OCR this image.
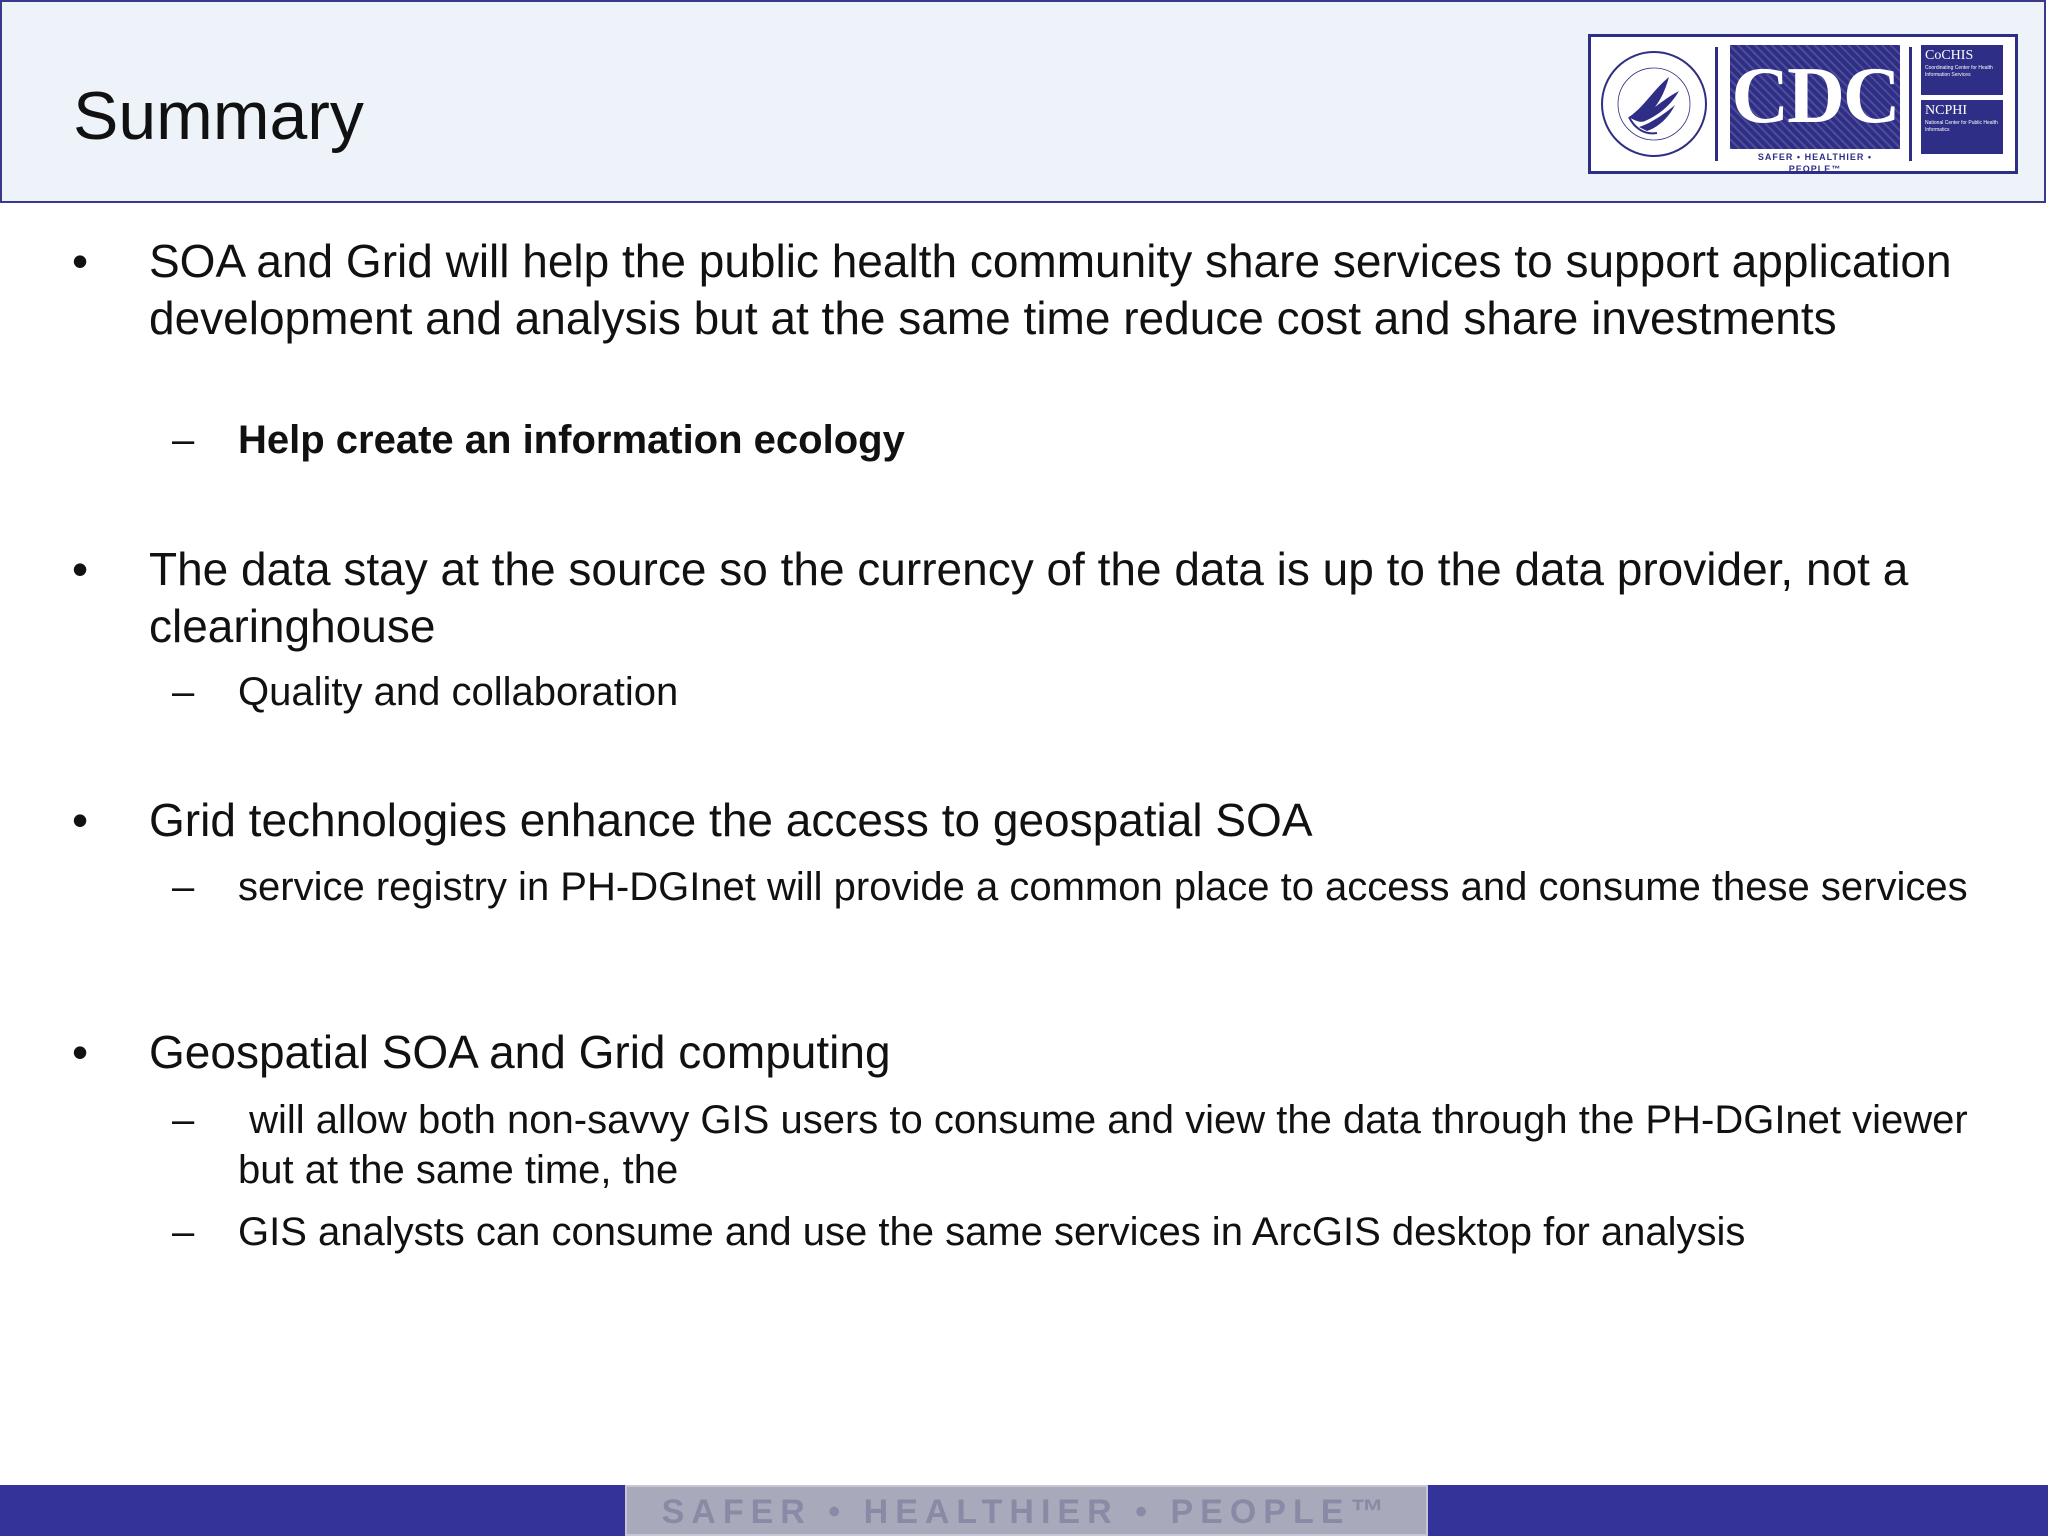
Summary	CDC
SAFER • HEALTHIER • PEOPLE™
CoCHIS
Coordinating Center for Health Information Services
NCPHI
National Center for Public Health Informatics
• SOA and Grid will help the public health community share services to support application development and analysis but at the same time reduce cost and share investments
– Help create an information ecology
• The data stay at the source so the currency of the data is up to the data provider, not a clearinghouse
– Quality and collaboration
• Grid technologies enhance the access to geospatial SOA
– service registry in PH-DGInet will provide a common place to access and consume these services
• Geospatial SOA and Grid computing
– will allow both non-savvy GIS users to consume and view the data through the PH-DGInet viewer but at the same time, the
– GIS analysts can consume and use the same services in ArcGIS desktop for analysis
SAFER • HEALTHIER • PEOPLE™
